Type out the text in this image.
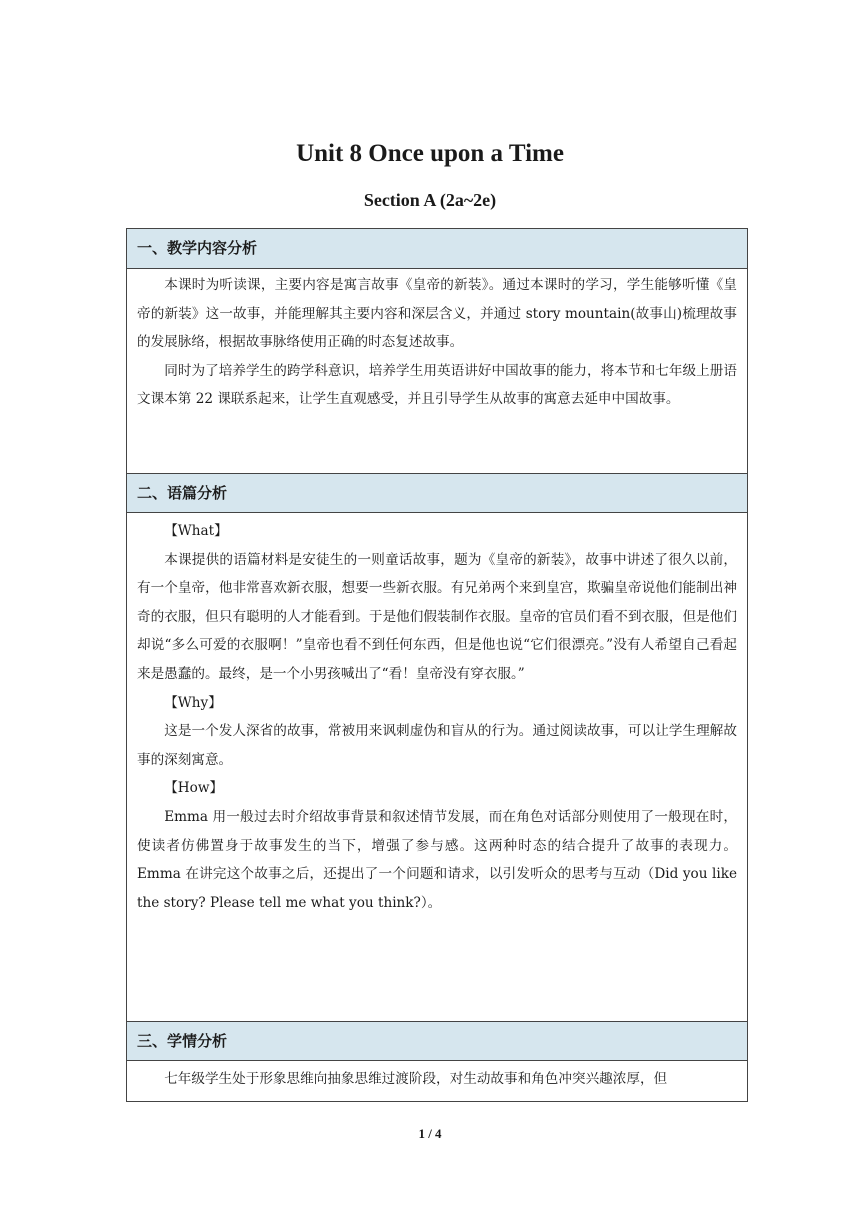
Unit 8 Once upon a Time
Section A (2a~2e)
一、教学内容分析

本课时为听读课，主要内容是寓言故事《皇帝的新装》。通过本课时的学习，学生能够听懂《皇帝的新装》这一故事，并能理解其主要内容和深层含义，并通过 story mountain(故事山)梳理故事的发展脉络，根据故事脉络使用正确的时态复述故事。

同时为了培养学生的跨学科意识，培养学生用英语讲好中国故事的能力，将本节和七年级上册语文课本第 22 课联系起来，让学生直观感受，并且引导学生从故事的寓意去延申中国故事。

二、语篇分析

【What】

本课提供的语篇材料是安徒生的一则童话故事，题为《皇帝的新装》，故事中讲述了很久以前，有一个皇帝，他非常喜欢新衣服，想要一些新衣服。有兄弟两个来到皇宫，欺骗皇帝说他们能制出神奇的衣服，但只有聪明的人才能看到。于是他们假装制作衣服。皇帝的官员们看不到衣服，但是他们却说“多么可爱的衣服啊！”皇帝也看不到任何东西，但是他也说“它们很漂亮。”没有人希望自己看起来是愚蠢的。最终，是一个小男孩喊出了“看！皇帝没有穿衣服。”

【Why】

这是一个发人深省的故事，常被用来讽刺虚伪和盲从的行为。通过阅读故事，可以让学生理解故事的深刻寓意。

【How】

Emma 用一般过去时介绍故事背景和叙述情节发展，而在角色对话部分则使用了一般现在时，使读者仿佛置身于故事发生的当下，增强了参与感。这两种时态的结合提升了故事的表现力。Emma 在讲完这个故事之后，还提出了一个问题和请求，以引发听众的思考与互动（Did you like the story? Please tell me what you think?）。

三、学情分析

七年级学生处于形象思维向抽象思维过渡阶段，对生动故事和角色冲突兴趣浓厚，但

1 / 4
